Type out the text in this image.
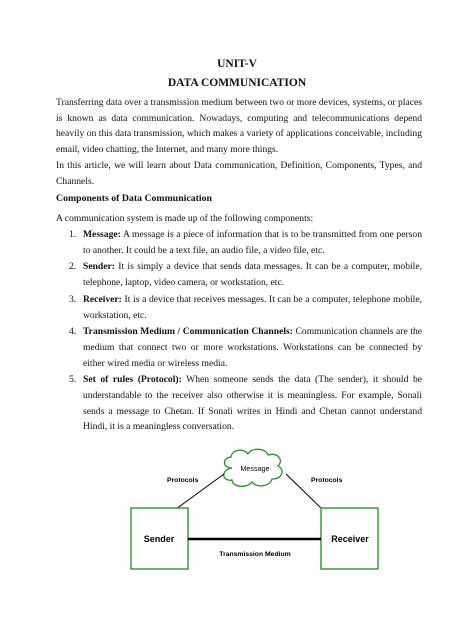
UNIT-V
DATA COMMUNICATION
Transferring data over a transmission medium between two or more devices, systems, or places is known as data communication. Nowadays, computing and telecommunications depend heavily on this data transmission, which makes a variety of applications conceivable, including email, video chatting, the Internet, and many more things.
In this article, we will learn about Data communication, Definition, Components, Types, and Channels.
Components of Data Communication
A communication system is made up of the following components:
1. Message: A message is a piece of information that is to be transmitted from one person to another. It could be a text file, an audio file, a video file, etc.
2. Sender: It is simply a device that sends data messages. It can be a computer, mobile, telephone, laptop, video camera, or workstation, etc.
3. Receiver: It is a device that receives messages. It can be a computer, telephone mobile, workstation, etc.
4. Transmission Medium / Communication Channels: Communication channels are the medium that connect two or more workstations. Workstations can be connected by either wired media or wireless media.
5. Set of rules (Protocol): When someone sends the data (The sender), it should be understandable to the receiver also otherwise it is meaningless. For example, Sonali sends a message to Chetan. If Sonali writes in Hindi and Chetan cannot understand Hindi, it is a meaningless conversation.
Message
Protocols	Protocols
Sender	Receiver
Transmission Medium
